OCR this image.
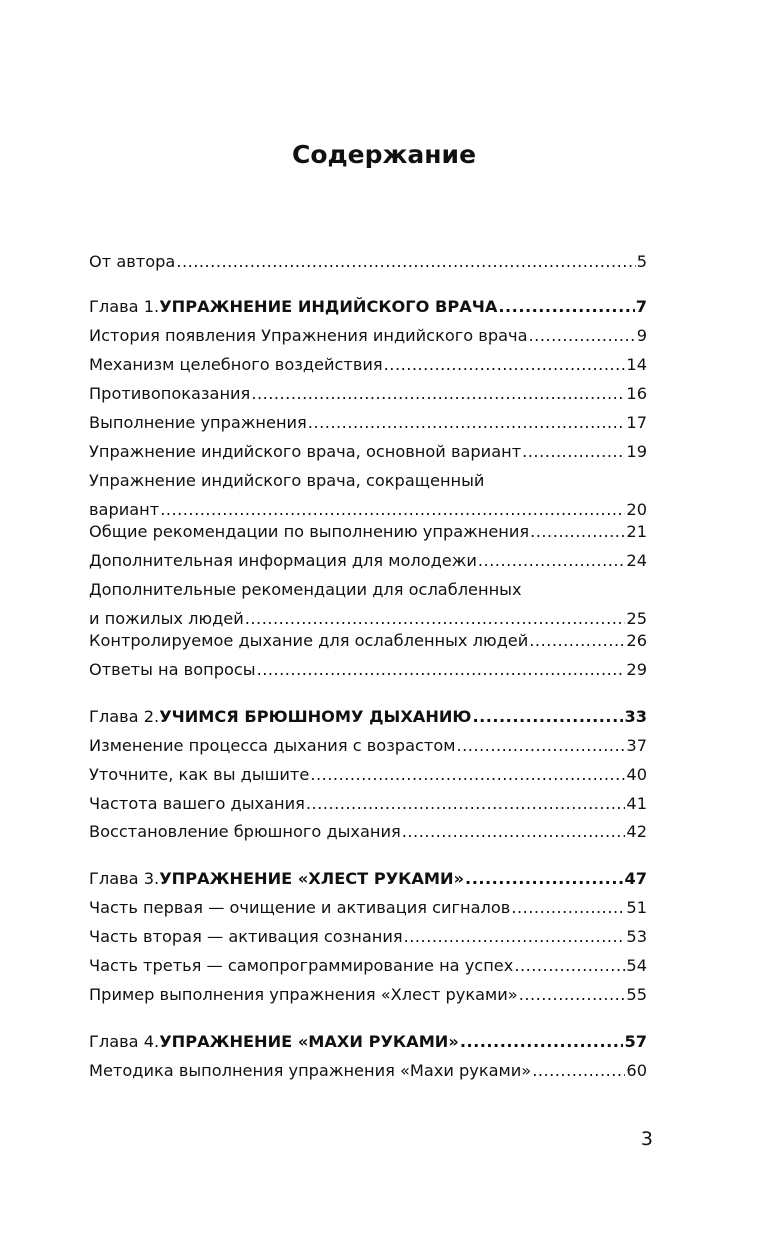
Содержание
От автора .....	5
Глава 1. УПРАЖНЕНИЕ ИНДИЙСКОГО ВРАЧА .....	7
История появления Упражнения индийского врача .....	9
Механизм целебного воздействия .....	14
Противопоказания .....	16
Выполнение упражнения .....	17
Упражнение индийского врача, основной вариант .....	19
Упражнение индийского врача, сокращенный
вариант .....	20
Общие рекомендации по выполнению упражнения .....	21
Дополнительная информация для молодежи .....	24
Дополнительные рекомендации для ослабленных
и пожилых людей .....	25
Контролируемое дыхание для ослабленных людей .....	26
Ответы на вопросы .....	29
Глава 2. УЧИМСЯ БРЮШНОМУ ДЫХАНИЮ .....	33
Изменение процесса дыхания с возрастом .....	37
Уточните, как вы дышите .....	40
Частота вашего дыхания .....	41
Восстановление брюшного дыхания .....	42
Глава 3. УПРАЖНЕНИЕ «ХЛЕСТ РУКАМИ» .....	47
Часть первая — очищение и активация сигналов .....	51
Часть вторая — активация сознания .....	53
Часть третья — самопрограммирование на успех .....	54
Пример выполнения упражнения «Хлест руками» .....	55
Глава 4. УПРАЖНЕНИЕ «МАХИ РУКАМИ» .....	57
Методика выполнения упражнения «Махи руками» .....	60
3
